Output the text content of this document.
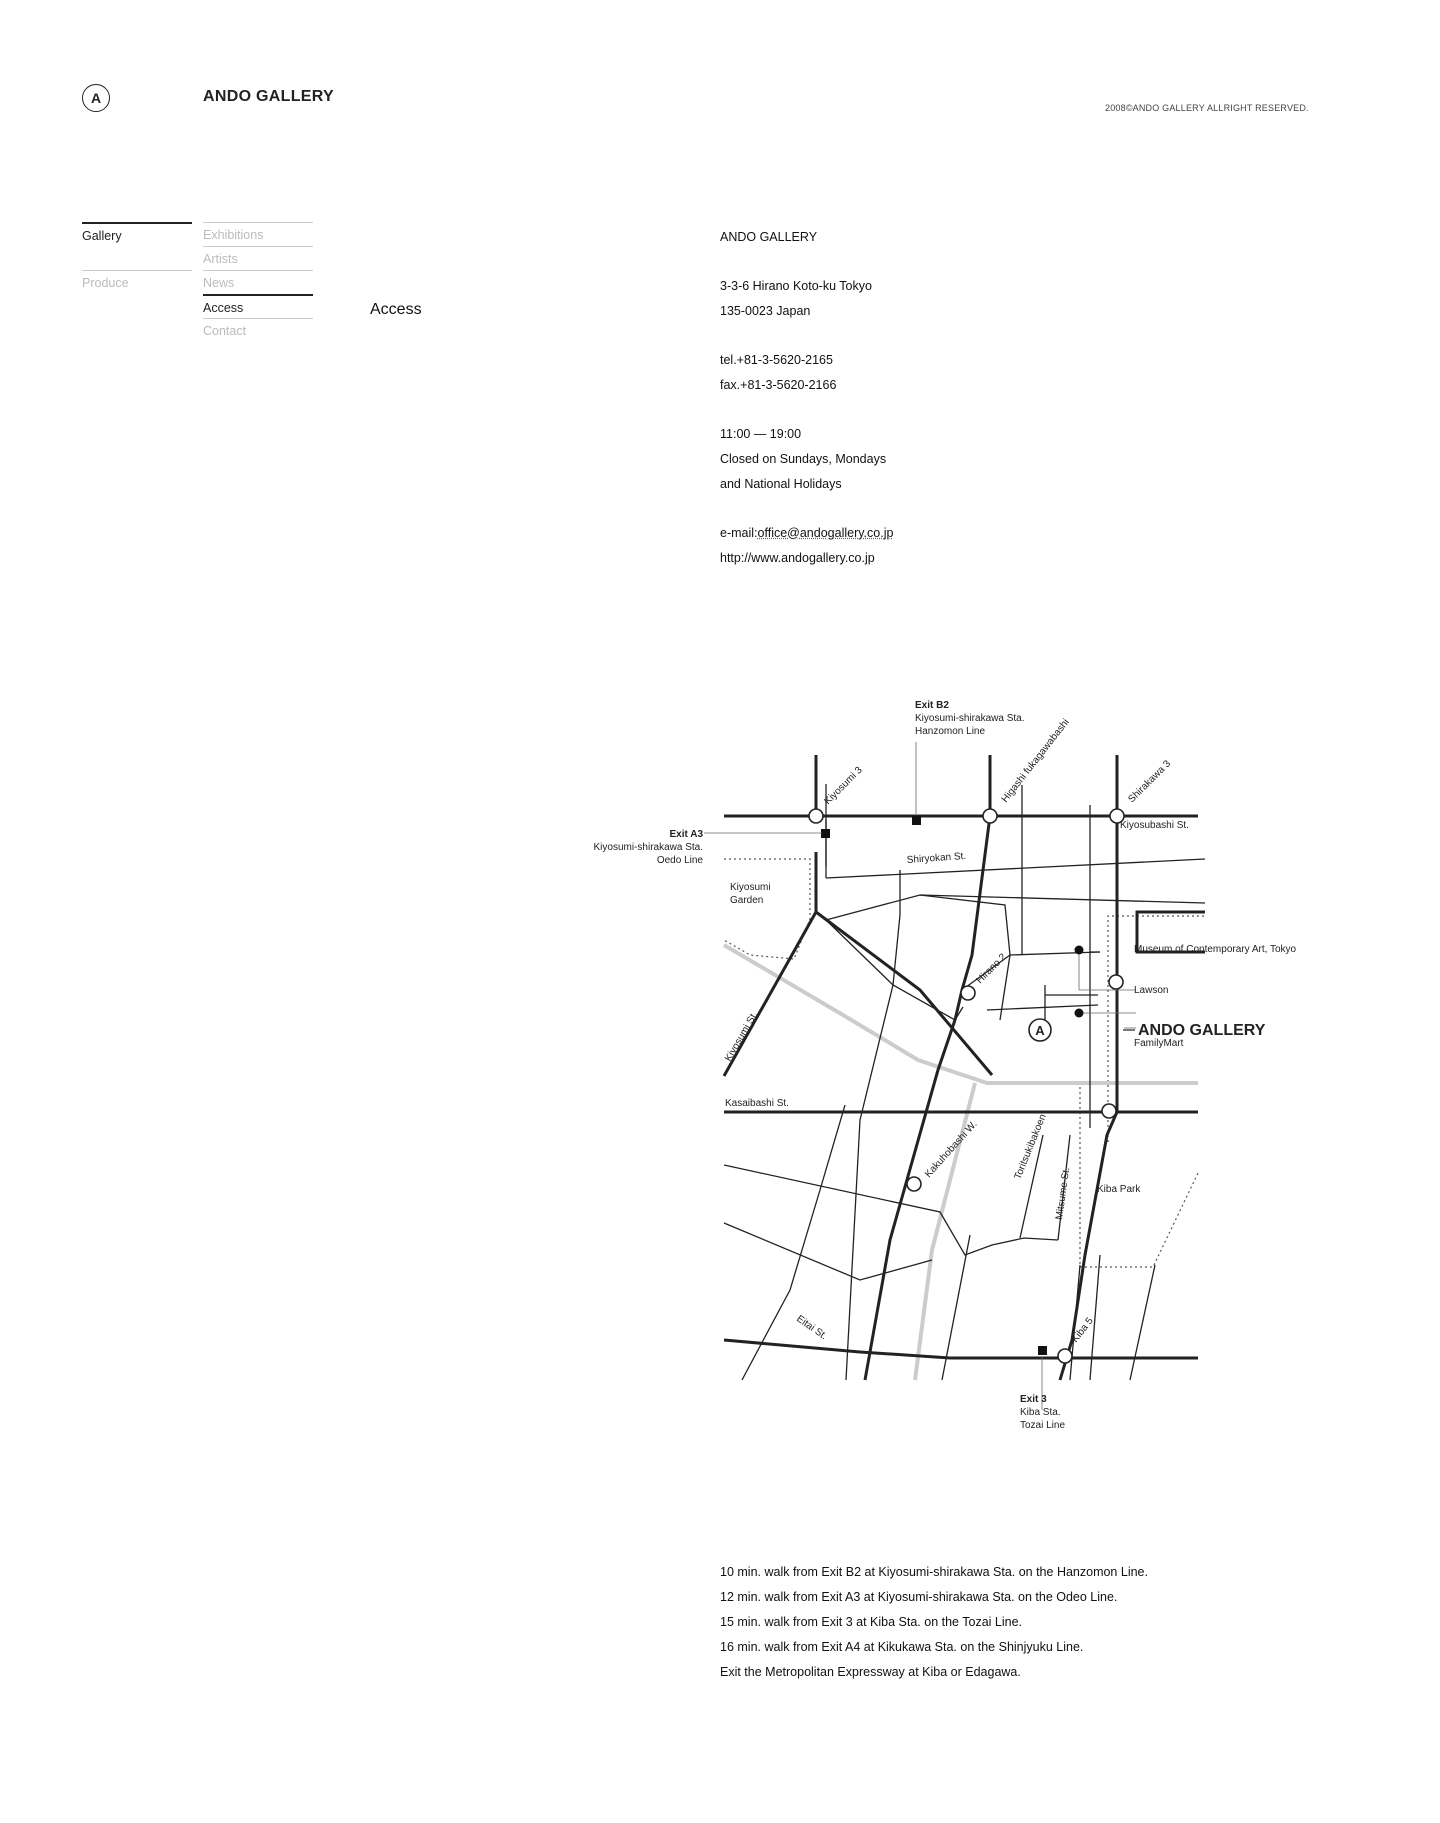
A	ANDO GALLERY
2008©ANDO GALLERY ALLRIGHT RESERVED.
Gallery
Produce
Exhibitions
Artists
News
Access
Contact
Access
ANDO GALLERY
3-3-6 Hirano Koto-ku Tokyo
135-0023 Japan
tel.+81-3-5620-2165
fax.+81-3-5620-2166
11:00 — 19:00
Closed on Sundays, Mondays
and National Holidays
e-mail:office@andogallery.co.jp
http://www.andogallery.co.jp
A
Exit B2
Kiyosumi-shirakawa Sta.
Hanzomon Line
Exit A3
Kiyosumi-shirakawa Sta.
Oedo Line
Exit 3
Kiba Sta.
Tozai Line
Kiyosubashi St.
Shiryokan St.
Kiyosumi St.
Kasaibashi St.
Kakuhobashi W.	Toritsukibakoen
Mitsume St.
Eitai St.
Kiyosumi 3	Higashi fukagawabashi	Shirakawa 3
Hirano 2
Kiba 5
Kiyosumi
Garden
Museum of Contemporary Art, Tokyo
Lawson
FamilyMart
Kiba Park
ANDO GALLERY
10 min. walk from Exit B2 at Kiyosumi-shirakawa Sta. on the Hanzomon Line.
12 min. walk from Exit A3 at Kiyosumi-shirakawa Sta. on the Odeo Line.
15 min. walk from Exit 3 at Kiba Sta. on the Tozai Line.
16 min. walk from Exit A4 at Kikukawa Sta. on the Shinjyuku Line.
Exit the Metropolitan Expressway at Kiba or Edagawa.
